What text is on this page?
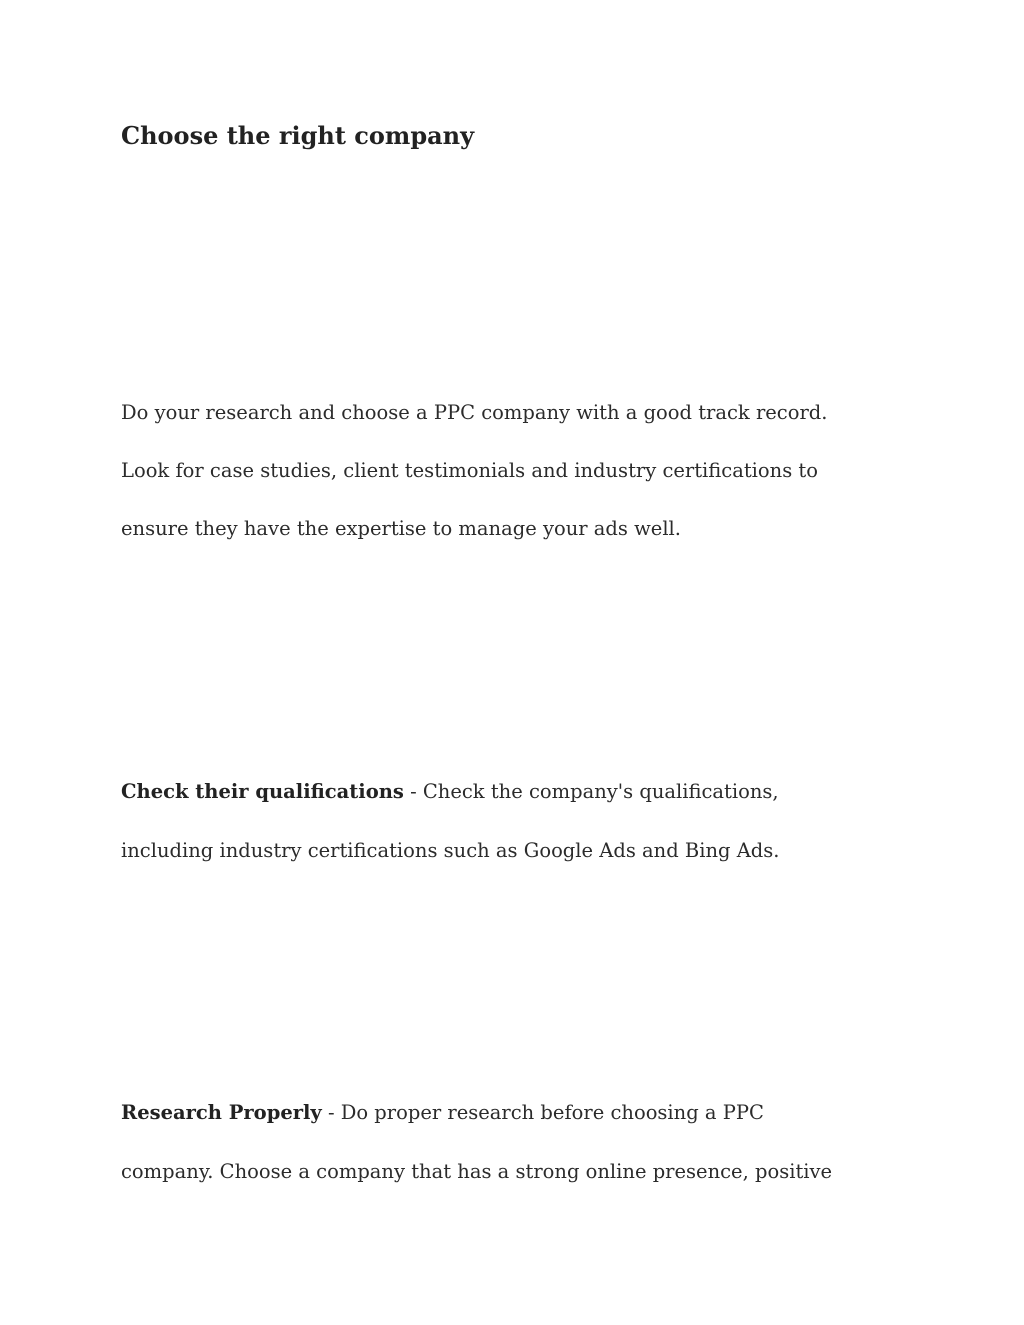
Choose the right company

Do your research and choose a PPC company with a good track record.

Look for case studies, client testimonials and industry certifications to

ensure they have the expertise to manage your ads well.

Check their qualifications - Check the company's qualifications,

including industry certifications such as Google Ads and Bing Ads.

Research Properly - Do proper research before choosing a PPC

company. Choose a company that has a strong online presence, positive
